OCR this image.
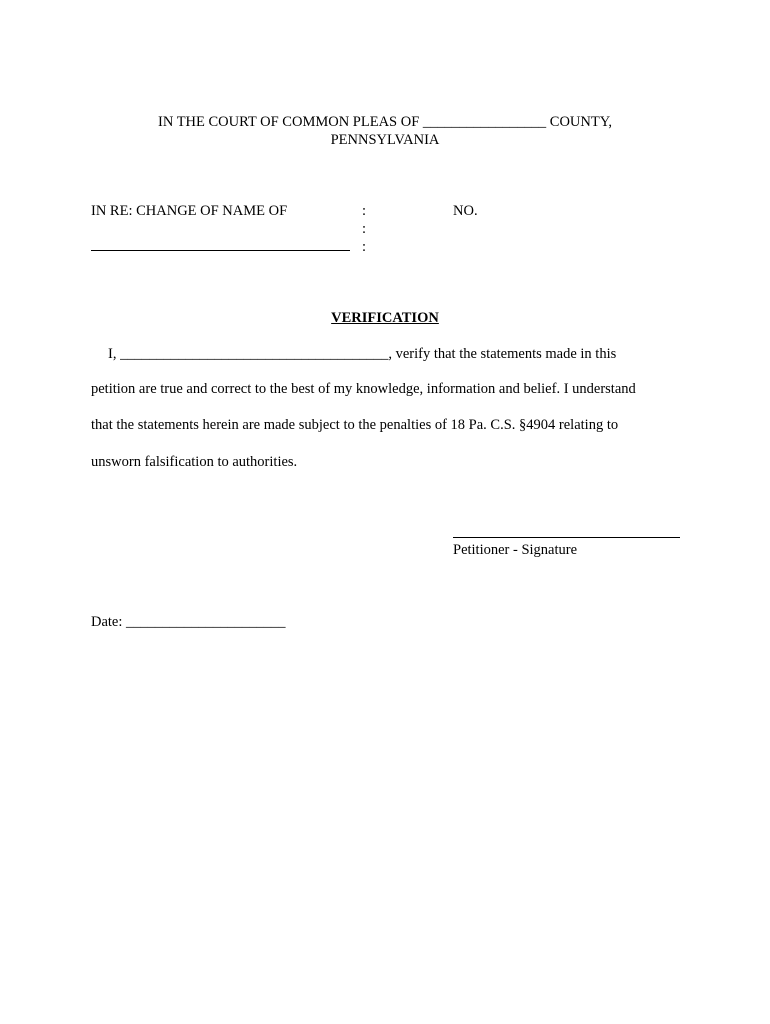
IN THE COURT OF COMMON PLEAS OF _________________ COUNTY,
PENNSYLVANIA
IN RE: CHANGE OF NAME OF	:
:
:
NO.
VERIFICATION
I, _____________________________________, verify that the statements made in this
petition are true and correct to the best of my knowledge, information and belief. I understand
that the statements herein are made subject to the penalties of 18 Pa. C.S. §4904 relating to
unsworn falsification to authorities.
Petitioner - Signature
Date: ______________________
